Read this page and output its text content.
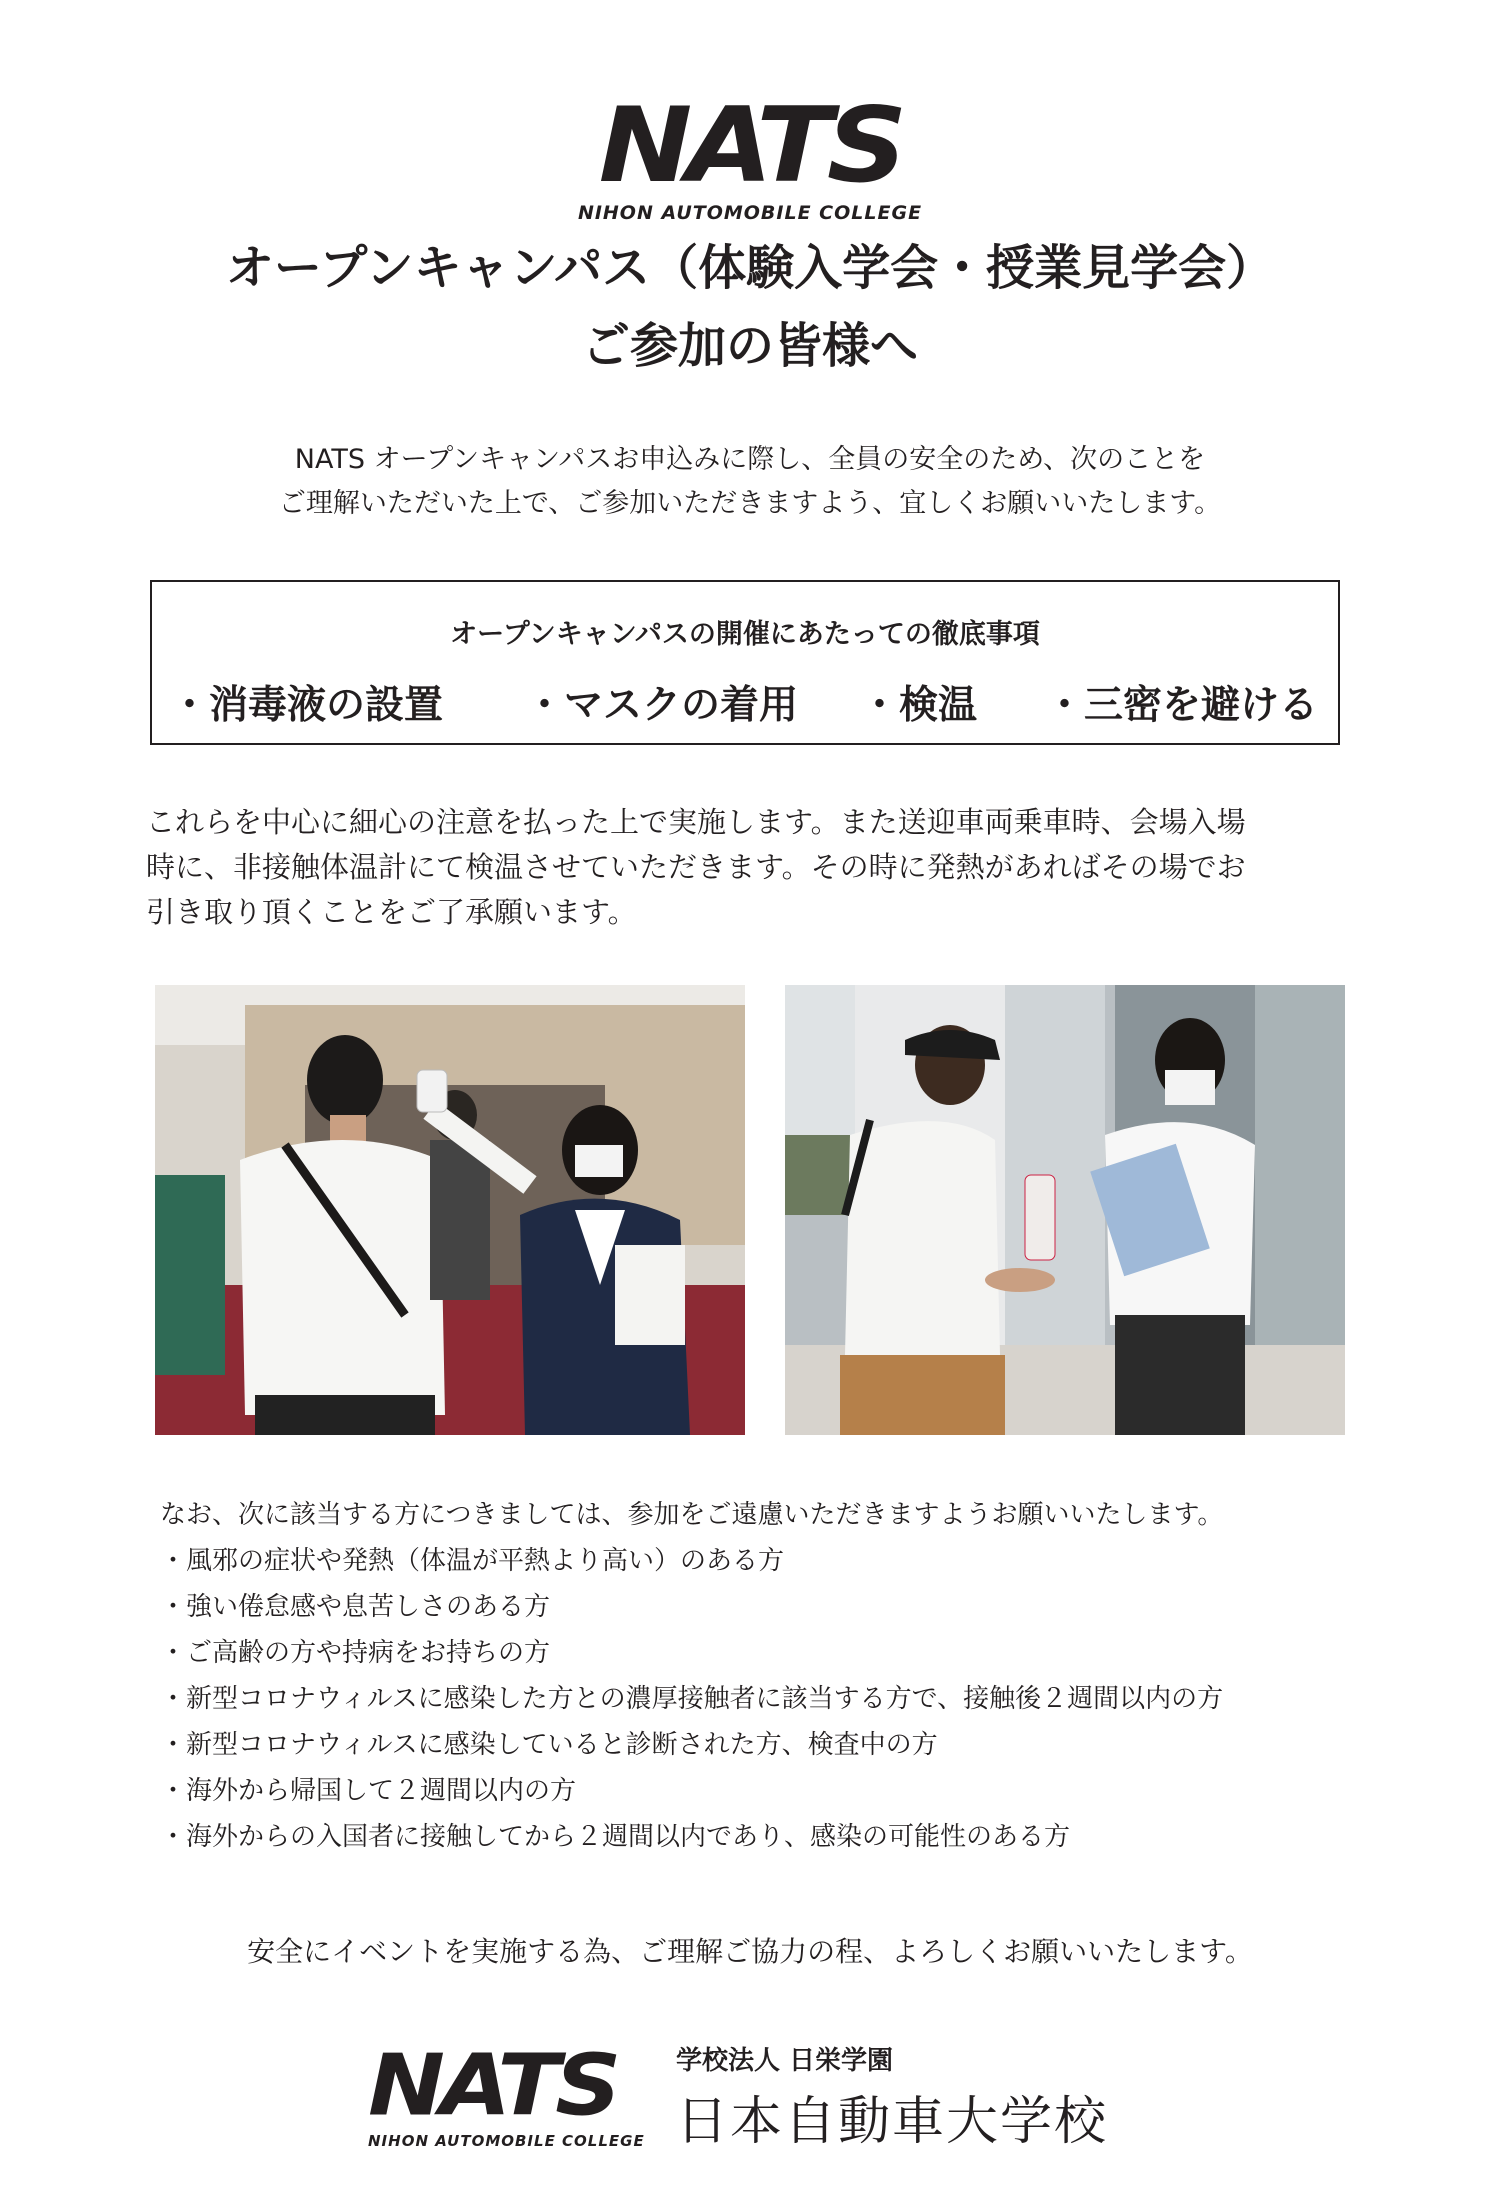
NATS
NIHON AUTOMOBILE COLLEGE
オープンキャンパス（体験入学会・授業見学会）
ご参加の皆様へ
NATS オープンキャンパスお申込みに際し、全員の安全のため、次のことを
ご理解いただいた上で、ご参加いただきますよう、宜しくお願いいたします。
オープンキャンパスの開催にあたっての徹底事項
・消毒液の設置 ・マスクの着用 ・検温 ・三密を避ける
これらを中心に細心の注意を払った上で実施します。また送迎車両乗車時、会場入場
時に、非接触体温計にて検温させていただきます。その時に発熱があればその場でお
引き取り頂くことをご了承願います。
なお、次に該当する方につきましては、参加をご遠慮いただきますようお願いいたします。
・風邪の症状や発熱（体温が平熱より高い）のある方
・強い倦怠感や息苦しさのある方
・ご高齢の方や持病をお持ちの方
・新型コロナウィルスに感染した方との濃厚接触者に該当する方で、接触後２週間以内の方
・新型コロナウィルスに感染していると診断された方、検査中の方
・海外から帰国して２週間以内の方
・海外からの入国者に接触してから２週間以内であり、感染の可能性のある方
安全にイベントを実施する為、ご理解ご協力の程、よろしくお願いいたします。
NATS
NIHON AUTOMOBILE COLLEGE
学校法人 日栄学園
日本自動車大学校
